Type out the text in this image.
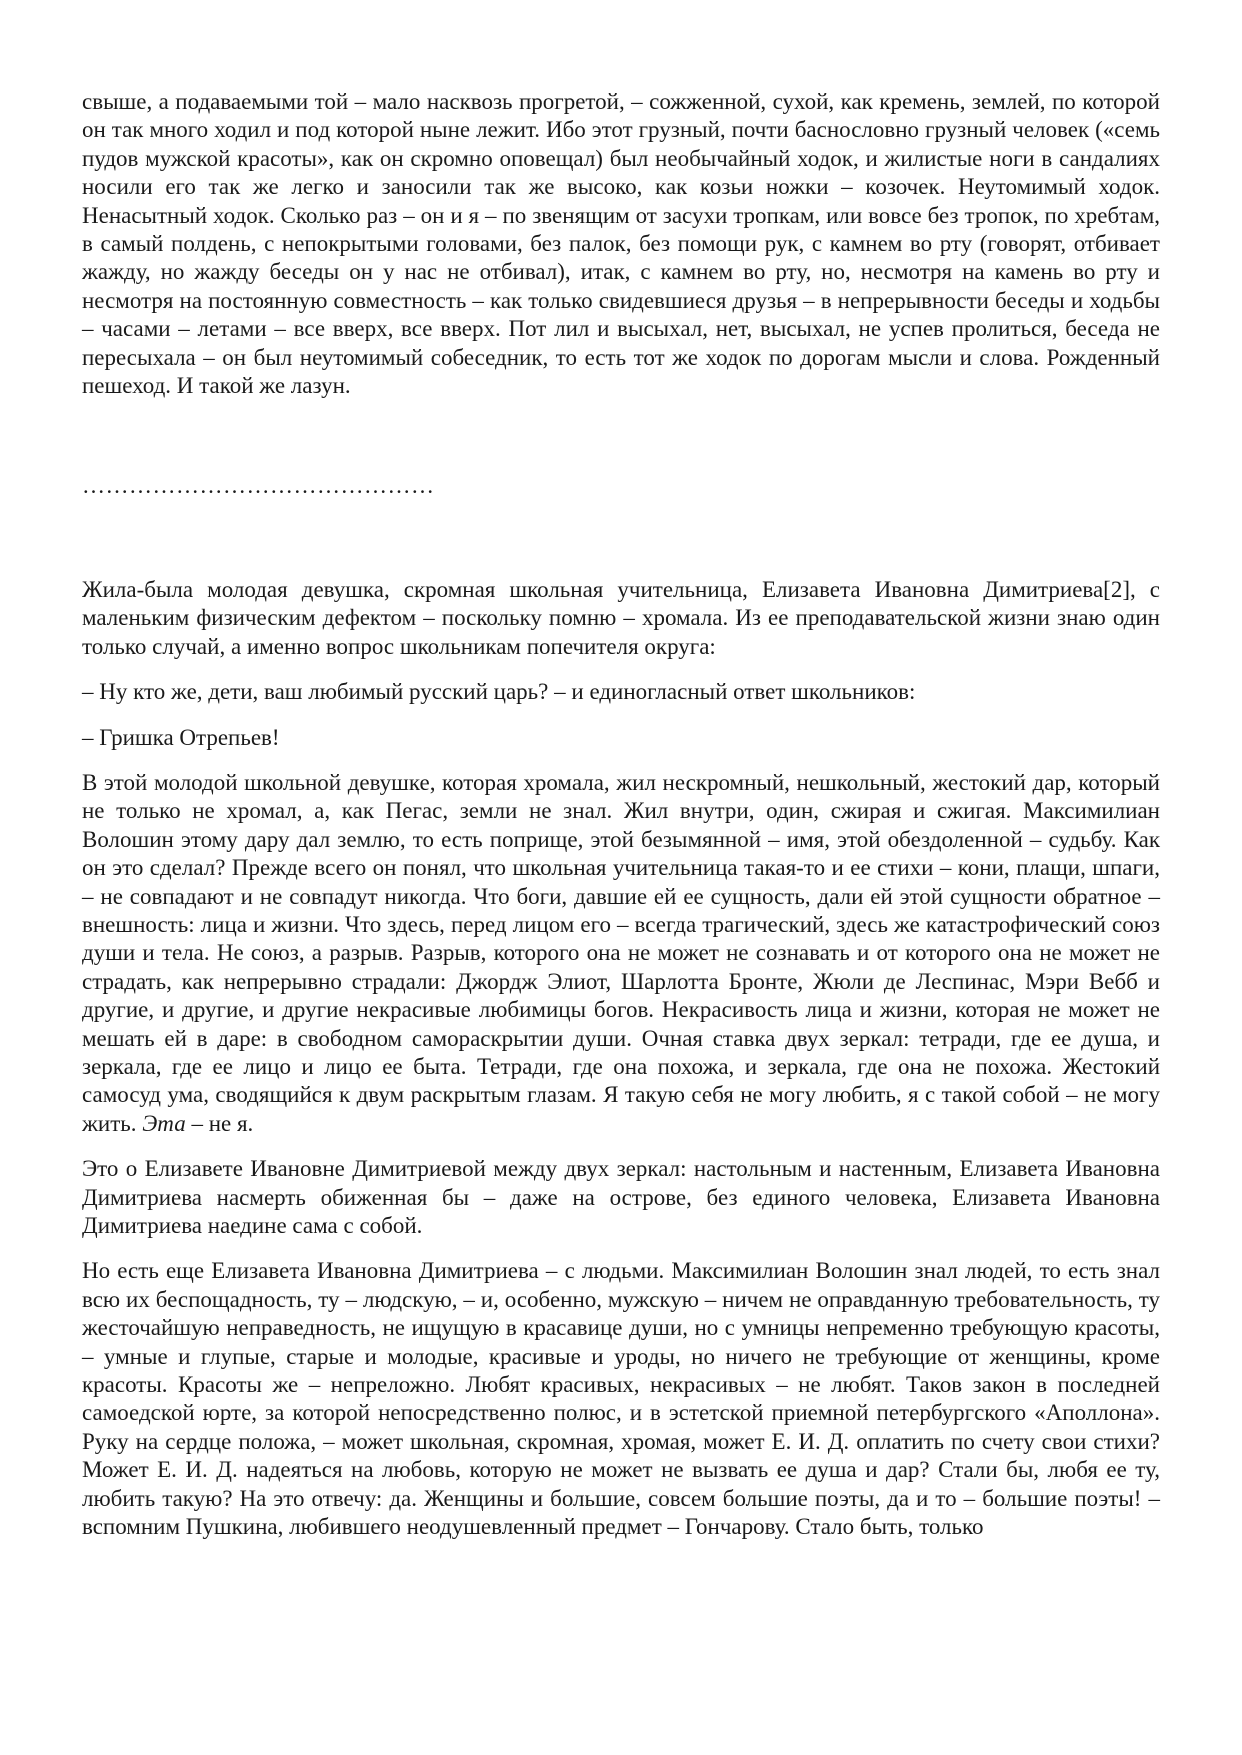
свыше, а подаваемыми той – мало насквозь прогретой, – сожженной, сухой, как кремень, землей, по которой он так много ходил и под которой ныне лежит. Ибо этот грузный, почти баснословно грузный человек («семь пудов мужской красоты», как он скромно оповещал) был необычайный ходок, и жилистые ноги в сандалиях носили его так же легко и заносили так же высоко, как козьи ножки – козочек. Неутомимый ходок. Ненасытный ходок. Сколько раз – он и я – по звенящим от засухи тропкам, или вовсе без тропок, по хребтам, в самый полдень, с непокрытыми головами, без палок, без помощи рук, с камнем во рту (говорят, отбивает жажду, но жажду беседы он у нас не отбивал), итак, с камнем во рту, но, несмотря на камень во рту и несмотря на постоянную совместность – как только свидевшиеся друзья – в непрерывности беседы и ходьбы – часами – летами – все вверх, все вверх. Пот лил и высыхал, нет, высыхал, не успев пролиться, беседа не пересыхала – он был неутомимый собеседник, то есть тот же ходок по дорогам мысли и слова. Рожденный пешеход. И такой же лазун.

………………………………………

Жила-была молодая девушка, скромная школьная учительница, Елизавета Ивановна Димитриева[2], с маленьким физическим дефектом – поскольку помню – хромала. Из ее преподавательской жизни знаю один только случай, а именно вопрос школьникам попечителя округа:

– Ну кто же, дети, ваш любимый русский царь? – и единогласный ответ школьников:

– Гришка Отрепьев!

В этой молодой школьной девушке, которая хромала, жил нескромный, нешкольный, жестокий дар, который не только не хромал, а, как Пегас, земли не знал. Жил внутри, один, сжирая и сжигая. Максимилиан Волошин этому дару дал землю, то есть поприще, этой безымянной – имя, этой обездоленной – судьбу. Как он это сделал? Прежде всего он понял, что школьная учительница такая-то и ее стихи – кони, плащи, шпаги, – не совпадают и не совпадут никогда. Что боги, давшие ей ее сущность, дали ей этой сущности обратное – внешность: лица и жизни. Что здесь, перед лицом его – всегда трагический, здесь же катастрофический союз души и тела. Не союз, а разрыв. Разрыв, которого она не может не сознавать и от которого она не может не страдать, как непрерывно страдали: Джордж Элиот, Шарлотта Бронте, Жюли де Леспинас, Мэри Вебб и другие, и другие, и другие некрасивые любимицы богов. Некрасивость лица и жизни, которая не может не мешать ей в даре: в свободном самораскрытии души. Очная ставка двух зеркал: тетради, где ее душа, и зеркала, где ее лицо и лицо ее быта. Тетради, где она похожа, и зеркала, где она не похожа. Жестокий самосуд ума, сводящийся к двум раскрытым глазам. Я такую себя не могу любить, я с такой собой – не могу жить. Эта – не я.

Это о Елизавете Ивановне Димитриевой между двух зеркал: настольным и настенным, Елизавета Ивановна Димитриева насмерть обиженная бы – даже на острове, без единого человека, Елизавета Ивановна Димитриева наедине сама с собой.

Но есть еще Елизавета Ивановна Димитриева – с людьми. Максимилиан Волошин знал людей, то есть знал всю их беспощадность, ту – людскую, – и, особенно, мужскую – ничем не оправданную требовательность, ту жесточайшую неправедность, не ищущую в красавице души, но с умницы непременно требующую красоты, – умные и глупые, старые и молодые, красивые и уроды, но ничего не требующие от женщины, кроме красоты. Красоты же – непреложно. Любят красивых, некрасивых – не любят. Таков закон в последней самоедской юрте, за которой непосредственно полюс, и в эстетской приемной петербургского «Аполлона». Руку на сердце положа, – может школьная, скромная, хромая, может Е. И. Д. оплатить по счету свои стихи? Может Е. И. Д. надеяться на любовь, которую не может не вызвать ее душа и дар? Стали бы, любя ее ту, любить такую? На это отвечу: да. Женщины и большие, совсем большие поэты, да и то – большие поэты! – вспомним Пушкина, любившего неодушевленный предмет – Гончарову. Стало быть, только
